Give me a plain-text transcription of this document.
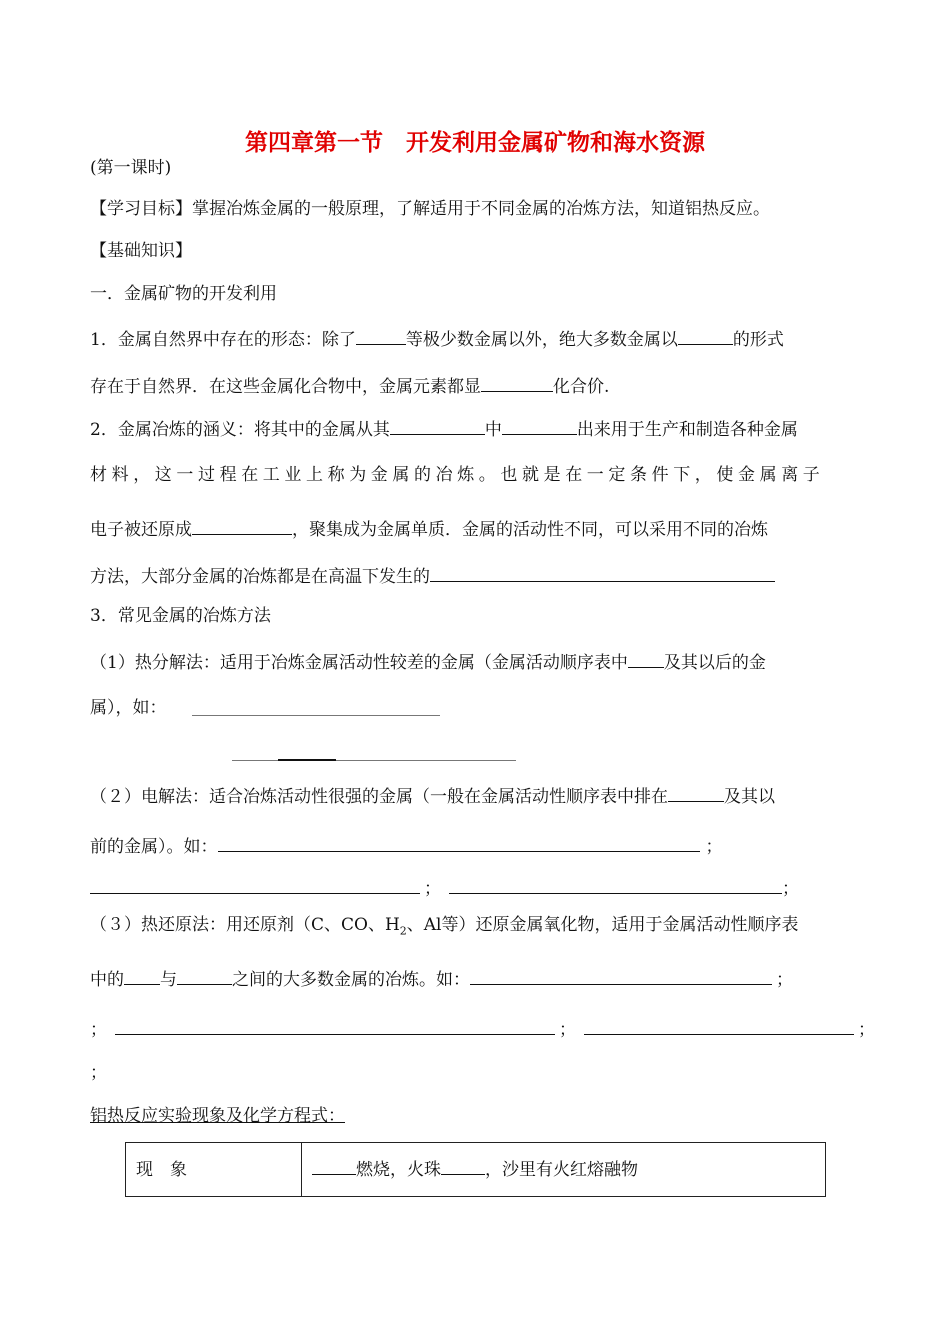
第四章第一节　开发利用金属矿物和海水资源
(第一课时)
【学习目标】掌握冶炼金属的一般原理，了解适用于不同金属的冶炼方法，知道铝热反应。
【基础知识】
一．金属矿物的开发利用
1．金属自然界中存在的形态：除了	等极少数金属以外，绝大多数金属以	的形式
存在于自然界．在这些金属化合物中，金属元素都显	化合价.
2．金属冶炼的涵义：将其中的金属从其	中	出来用于生产和制造各种金属
材料，这一过程在工业上称为金属的冶炼。也就是在一定条件下，使金属离子
电子被还原成	，聚集成为金属单质．金属的活动性不同，可以采用不同的冶炼
方法，大部分金属的冶炼都是在高温下发生的
3．常见金属的冶炼方法
（1）热分解法：适用于冶炼金属活动性较差的金属（金属活动顺序表中 及其以后的金
属），如：
（２）电解法：适合冶炼活动性很强的金属（一般在金属活动性顺序表中排在	及其以
前的金属）。如：	；
；	；
（３）热还原法：用还原剂（C、CO、$H_2$、Al等）还原金属氧化物，适用于金属活动性顺序表
中的 与	之间的大多数金属的冶炼。如：	；
；	；	；
；
铝热反应实验现象及化学方程式：
现　象	燃烧，火珠	，沙里有火红熔融物
